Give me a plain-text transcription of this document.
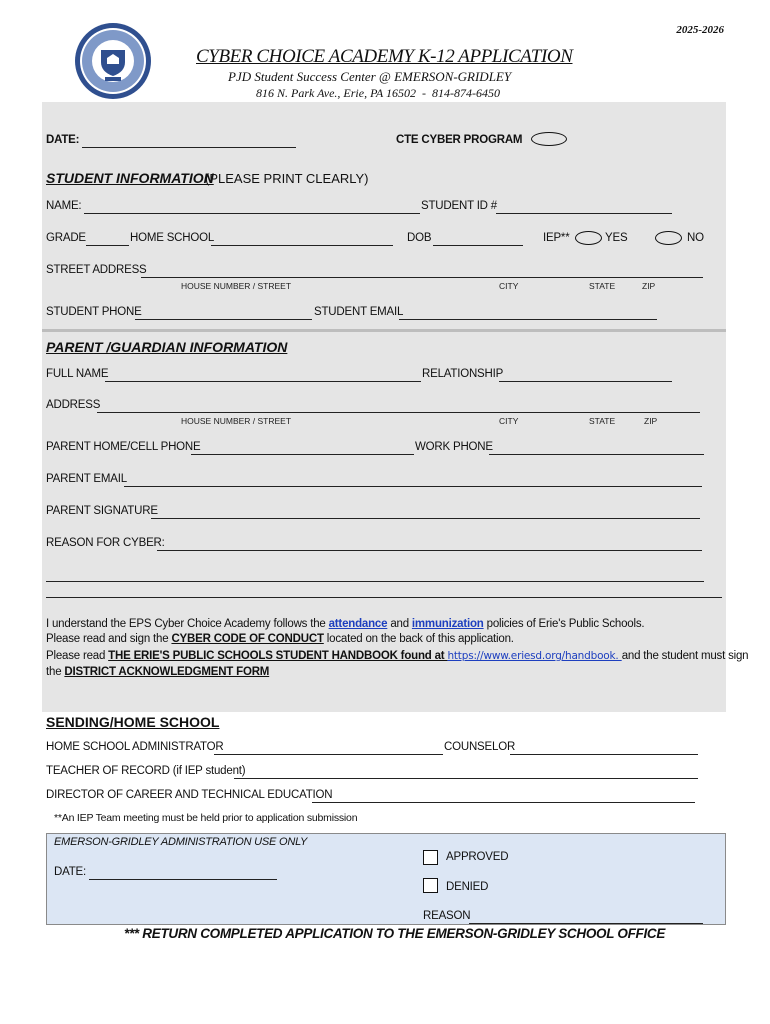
2025-2026
CYBER CHOICE ACADEMY K-12 APPLICATION
PJD Student Success Center @ EMERSON-GRIDLEY
816 N. Park Ave., Erie, PA 16502  -  814-874-6450
DATE:	CTE CYBER PROGRAM
STUDENT INFORMATION
(PLEASE PRINT CLEARLY)
NAME:	STUDENT ID #
GRADE	HOME SCHOOL	DOB	IEP**	YES	NO
STREET ADDRESS
HOUSE NUMBER / STREET	CITY	STATE	ZIP
STUDENT PHONE	STUDENT EMAIL
PARENT /GUARDIAN INFORMATION
FULL NAME	RELATIONSHIP
ADDRESS
HOUSE NUMBER / STREET	CITY	STATE	ZIP
PARENT HOME/CELL PHONE	WORK PHONE
PARENT EMAIL
PARENT SIGNATURE
REASON FOR CYBER:
I understand the EPS Cyber Choice Academy follows the attendance and immunization policies of Erie's Public Schools.
Please read and sign the CYBER CODE OF CONDUCT located on the back of this application.
Please read THE ERIE'S PUBLIC SCHOOLS STUDENT HANDBOOK found at https://www.eriesd.org/handbook. and the student must sign
the DISTRICT ACKNOWLEDGMENT FORM
SENDING/HOME SCHOOL
HOME SCHOOL ADMINISTRATOR	COUNSELOR
TEACHER OF RECORD (if IEP student)
DIRECTOR OF CAREER AND TECHNICAL EDUCATION
**An IEP Team meeting must be held prior to application submission
EMERSON-GRIDLEY ADMINISTRATION USE ONLY
DATE:
APPROVED
DENIED
REASON
*** RETURN COMPLETED APPLICATION TO THE EMERSON-GRIDLEY SCHOOL OFFICE
